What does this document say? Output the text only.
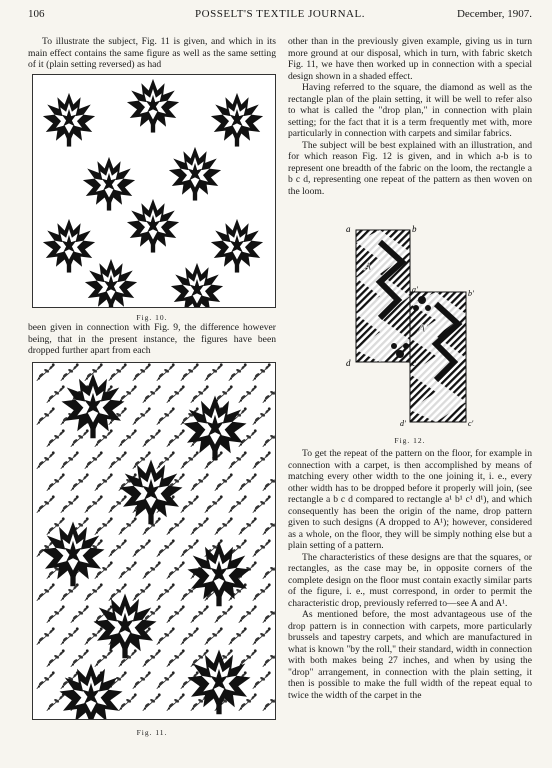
106	POSSELT'S TEXTILE JOURNAL.	December, 1907.

To illustrate the subject, Fig. 11 is given, and which in its main effect contains the same figure as well as the same setting of it (plain setting reversed) as had

Fig. 10.

been given in connection with Fig. 9, the difference however being, that in the present instance, the figures have been dropped further apart from each

Fig. 11.

other than in the previously given example, giving us in turn more ground at our disposal, which in turn, with fabric sketch Fig. 11, we have then worked up in connection with a special design shown in a shaded effect.

Having referred to the square, the diamond as well as the rectangle plan of the plain setting, it will be well to refer also to what is called the "drop plan," in connection with plain setting; for the fact that it is a term frequently met with, more particularly in connection with carpets and similar fabrics.

The subject will be best explained with an illustration, and for which reason Fig. 12 is given, and in which a-b is to represent one breadth of the fabric on the loom, the rectangle a b c d, representing one repeat of the pattern as then woven on the loom.

a	b
a'	b'
d	c
d'	c'
A
A'
Fig. 12.

To get the repeat of the pattern on the floor, for example in connection with a carpet, is then accomplished by means of matching every other width to the one joining it, i. e., every other width has to be dropped before it properly will join, (see rectangle a b c d compared to rectangle a¹ b¹ c¹ d¹), and which consequently has been the origin of the name, drop pattern given to such designs (A dropped to A¹); however, considered as a whole, on the floor, they will be simply nothing else but a plain setting of a pattern.

The characteristics of these designs are that the squares, or rectangles, as the case may be, in opposite corners of the complete design on the floor must contain exactly similar parts of the figure, i. e., must correspond, in order to permit the characteristic drop, previously referred to—see A and A¹.

As mentioned before, the most advantageous use of the drop pattern is in connection with carpets, more particularly brussels and tapestry carpets, and which are manufactured in what is known "by the roll," their standard, width in connection with both makes being 27 inches, and when by using the "drop" arrangement, in connection with the plain setting, it then is possible to make the full width of the repeat equal to twice the width of the carpet in the
